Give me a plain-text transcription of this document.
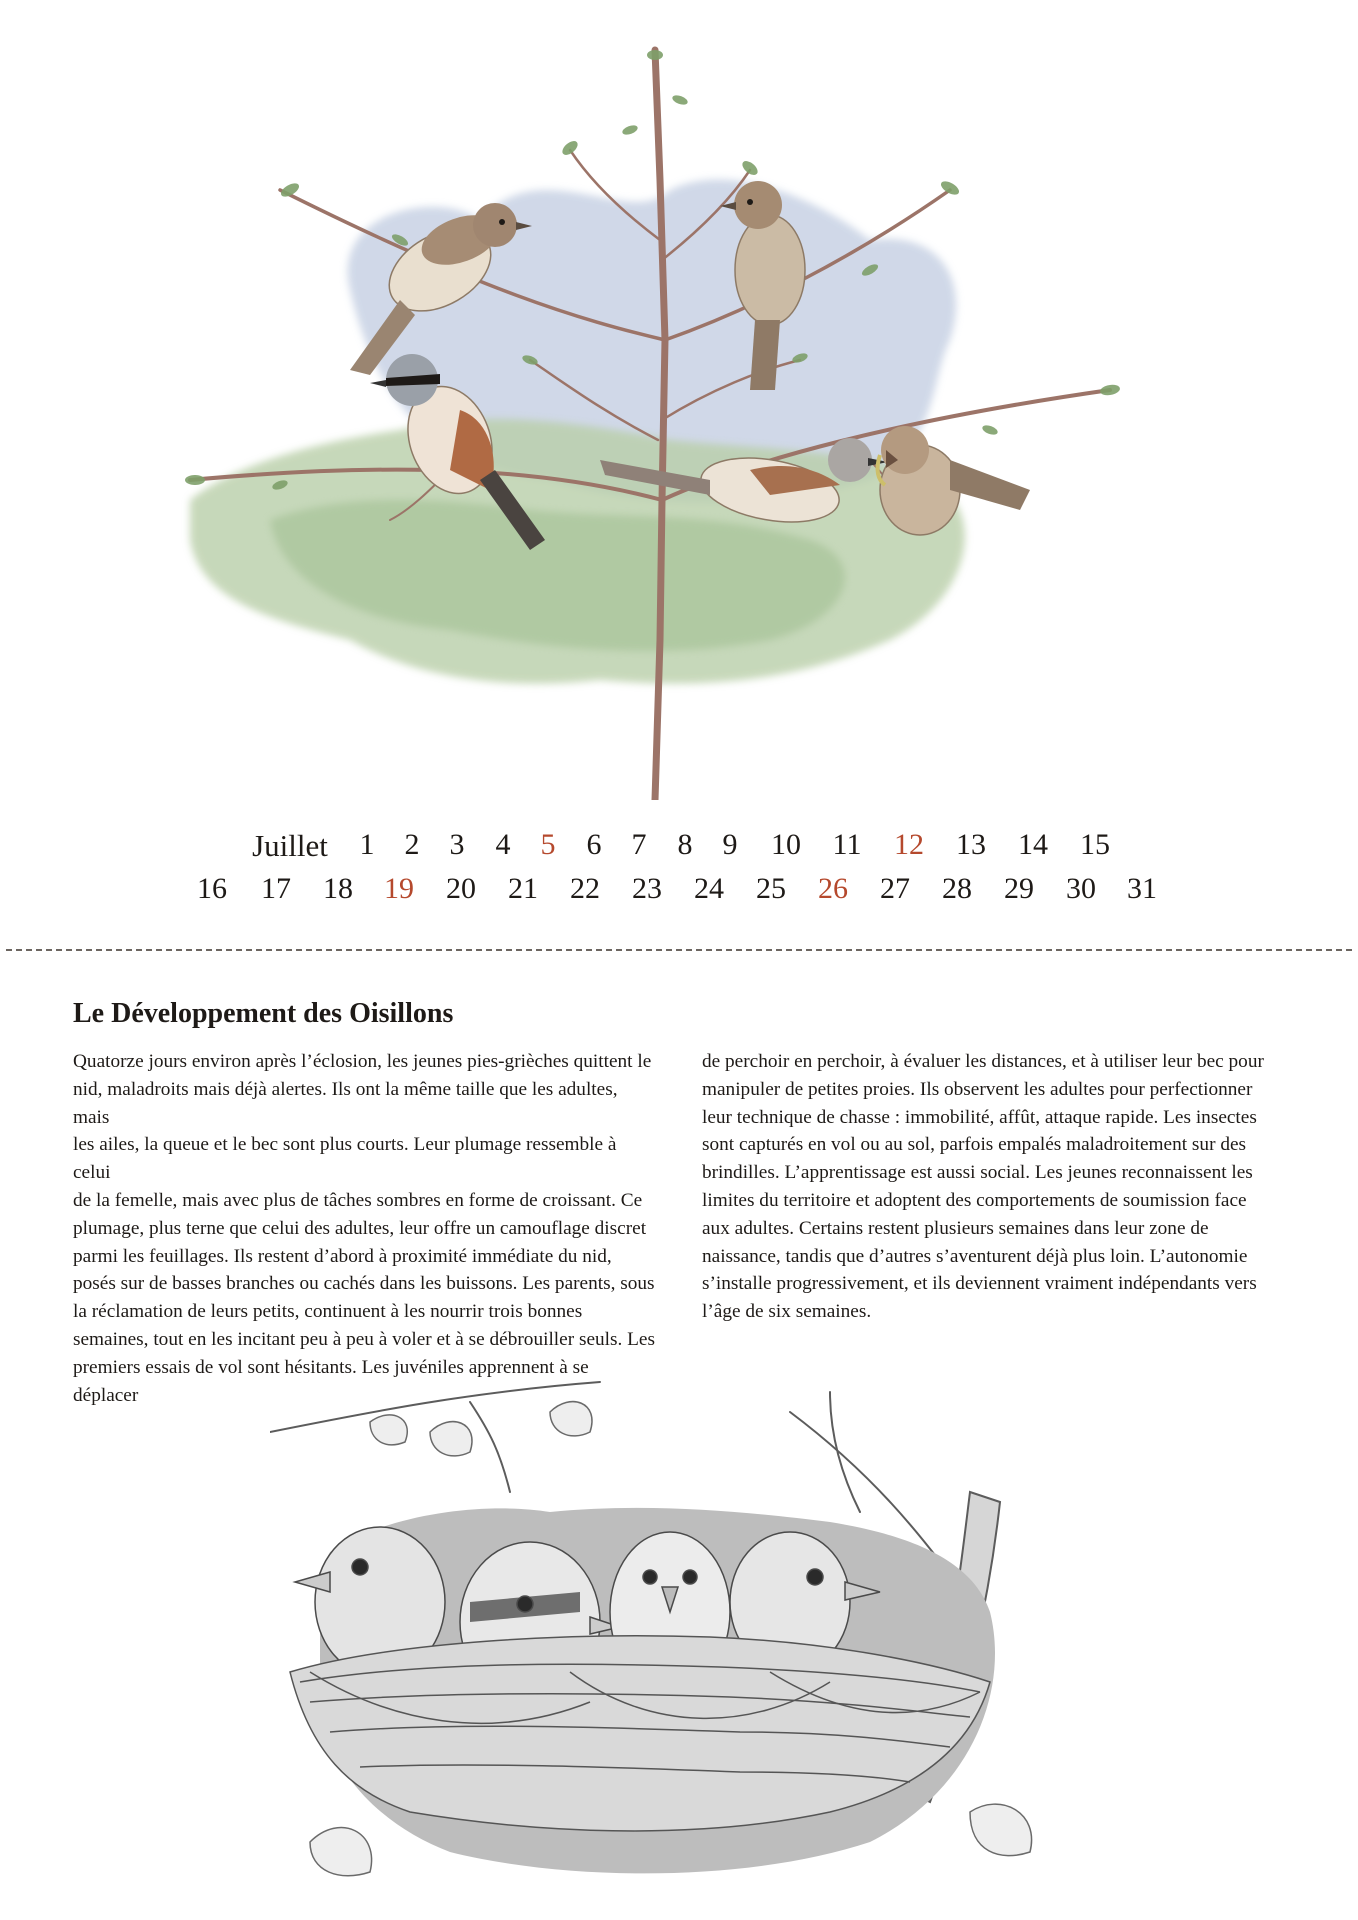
Juillet 1 2 3 4 5 6 7 8 9 10 11 12 13 14 15
16 17 18 19 20 21 22 23 24 25 26 27 28 29 30 31
Le Développement des Oisillons

Quatorze jours environ après l’éclosion, les jeunes pies-grièches quittent le
nid, maladroits mais déjà alertes. Ils ont la même taille que les adultes, mais
les ailes, la queue et le bec sont plus courts. Leur plumage ressemble à celui
de la femelle, mais avec plus de tâches sombres en forme de croissant. Ce
plumage, plus terne que celui des adultes, leur offre un camouflage discret
parmi les feuillages. Ils restent d’abord à proximité immédiate du nid,
posés sur de basses branches ou cachés dans les buissons. Les parents, sous
la réclamation de leurs petits, continuent à les nourrir trois bonnes
semaines, tout en les incitant peu à peu à voler et à se débrouiller seuls. Les
premiers essais de vol sont hésitants. Les juvéniles apprennent à se déplacer

de perchoir en perchoir, à évaluer les distances, et à utiliser leur bec pour
manipuler de petites proies. Ils observent les adultes pour perfectionner
leur technique de chasse : immobilité, affût, attaque rapide. Les insectes
sont capturés en vol ou au sol, parfois empalés maladroitement sur des
brindilles. L’apprentissage est aussi social. Les jeunes reconnaissent les
limites du territoire et adoptent des comportements de soumission face
aux adultes. Certains restent plusieurs semaines dans leur zone de
naissance, tandis que d’autres s’aventurent déjà plus loin. L’autonomie
s’installe progressivement, et ils deviennent vraiment indépendants vers
l’âge de six semaines.
